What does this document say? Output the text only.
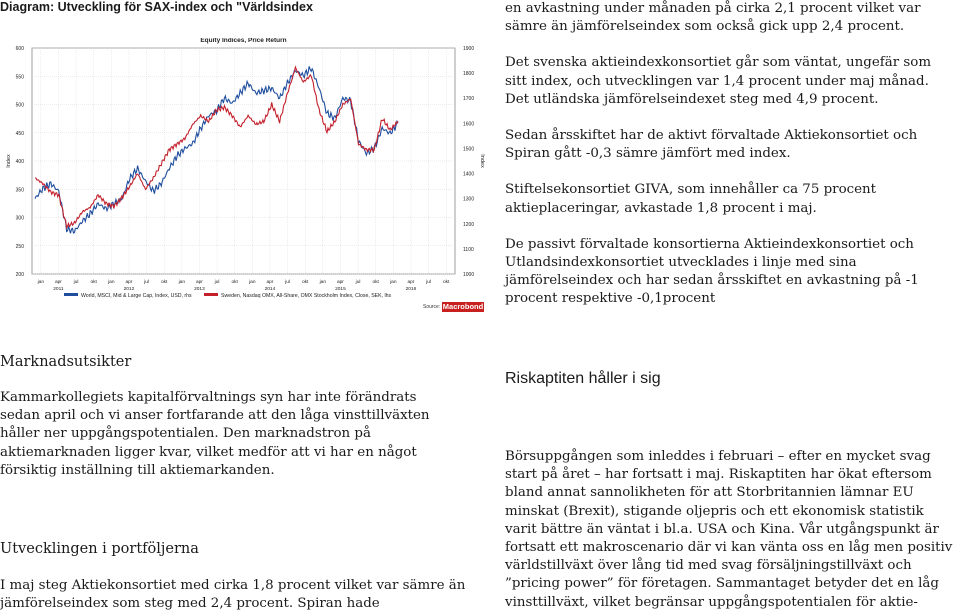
Diagram: Utveckling för SAX-index och "Världsindex
Equity Indices, Price Return
jan apr jul	okt jan apr jul	okt jan apr jul	okt jan apr jul	okt jan apr jul	okt jan apr jul	okt
2011	2012	2013	2014	2015	2016
200
250
300
350
400
450
500
550
600
1000
1100
1200
1300
1400
1500
1600
1700
1800
1900
Index	Index
World, MSCI, Mid & Large Cap, Index, USD, rhs	Sweden, Nasdaq OMX, All-Share, OMX Stockholm Index, Close, SEK, lhs
Source: Macrobond

en avkastning under månaden på cirka 2,1 procent vilket var sämre än jämförelseindex som också gick upp 2,4 procent.

Det svenska aktieindexkonsortiet går som väntat, ungefär som sitt index, och utvecklingen var 1,4 procent under maj månad. Det utländska jämförelseindexet steg med 4,9 procent.

Sedan årsskiftet har de aktivt förvaltade Aktiekonsortiet och Spiran gått -0,3 sämre jämfört med index.

Stiftelsekonsortiet GIVA, som innehåller ca 75 procent aktieplaceringar, avkastade 1,8 procent i maj.

De passivt förvaltade konsortierna Aktieindexkonsortiet och Utlandsindexkonsortiet utvecklades i linje med sina jämförelseindex och har sedan årsskiftet en avkastning på -1 procent respektive -0,1procent

Marknadsutsikter

Kammarkollegiets kapitalförvaltnings syn har inte förändrats sedan april och vi anser fortfarande att den låga vinsttillväxten håller ner uppgångspotentialen. Den marknadstron på aktiemarknaden ligger kvar, vilket medför att vi har en något försiktig inställning till aktiemarkanden.

Utvecklingen i portföljerna

I maj steg Aktiekonsortiet med cirka 1,8 procent vilket var sämre än jämförelseindex som steg med 2,4 procent. Spiran hade

Riskaptiten håller i sig

Börsuppgången som inleddes i februari – efter en mycket svag start på året – har fortsatt i maj. Riskaptiten har ökat eftersom bland annat sannolikheten för att Storbritannien lämnar EU minskat (Brexit), stigande oljepris och ett ekonomisk statistik varit bättre än väntat i bl.a. USA och Kina. Vår utgångspunkt är fortsatt ett makroscenario där vi kan vänta oss en låg men positiv världstillväxt över lång tid med svag försäljningstillväxt och ”pricing power” för företagen. Sammantaget betyder det en låg vinsttillväxt, vilket begränsar uppgångspotentialen för aktie-
